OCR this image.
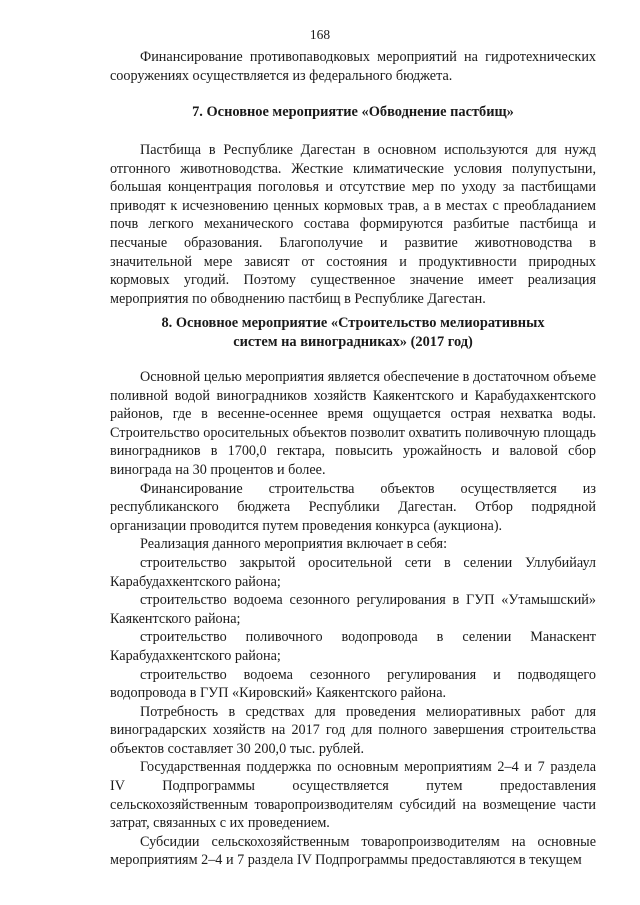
168

Финансирование противопаводковых мероприятий на гидротехнических сооружениях осуществляется из федерального бюджета.

7. Основное мероприятие «Обводнение пастбищ»

Пастбища в Республике Дагестан в основном используются для нужд отгонного животноводства. Жесткие климатические условия полупустыни, большая концентрация поголовья и отсутствие мер по уходу за пастбищами приводят к исчезновению ценных кормовых трав, а в местах с преобладанием почв легкого механического состава формируются разбитые пастбища и песчаные образования. Благополучие и развитие животноводства в значительной мере зависят от состояния и продуктивности природных кормовых угодий. Поэтому существенное значение имеет реализация мероприятия по обводнению пастбищ в Республике Дагестан.

8. Основное мероприятие «Строительство мелиоративных
систем на виноградниках» (2017 год)

Основной целью мероприятия является обеспечение в достаточном объеме поливной водой виноградников хозяйств Каякентского и Карабудахкентского районов, где в весенне-осеннее время ощущается острая нехватка воды. Строительство оросительных объектов позволит охватить поливочную площадь виноградников в 1700,0 гектара, повысить урожайность и валовой сбор винограда на 30 процентов и более.

Финансирование строительства объектов осуществляется из республиканского бюджета Республики Дагестан. Отбор подрядной организации проводится путем проведения конкурса (аукциона).

Реализация данного мероприятия включает в себя:

строительство закрытой оросительной сети в селении Уллубийаул Карабудахкентского района;

строительство водоема сезонного регулирования в ГУП «Утамышский» Каякентского района;

строительство поливочного водопровода в селении Манаскент Карабудахкентского района;

строительство водоема сезонного регулирования и подводящего водопровода в ГУП «Кировский» Каякентского района.

Потребность в средствах для проведения мелиоративных работ для виноградарских хозяйств на 2017 год для полного завершения строительства объектов составляет 30 200,0 тыс. рублей.

Государственная поддержка по основным мероприятиям 2–4 и 7 раздела IV Подпрограммы осуществляется путем предоставления сельскохозяйственным товаропроизводителям субсидий на возмещение части затрат, связанных с их проведением.

Субсидии сельскохозяйственным товаропроизводителям на основные мероприятиям 2–4 и 7 раздела IV Подпрограммы предоставляются в текущем
